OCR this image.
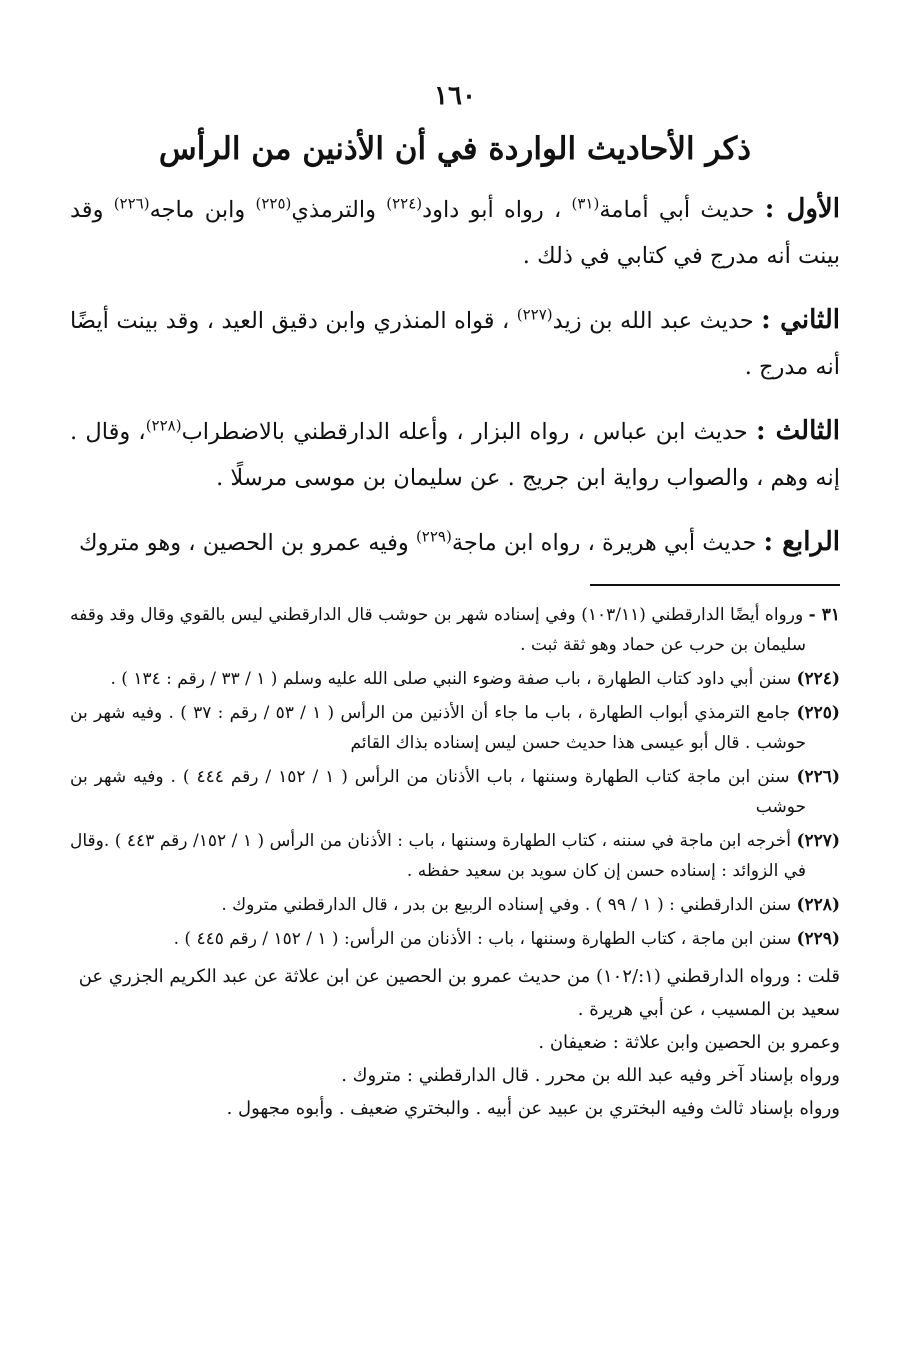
١٦٠
ذكر الأحاديث الواردة في أن الأذنين من الرأس

الأول : حديث أبي أمامة$^{(٣١)}$ ، رواه أبو داود$^{(٢٢٤)}$ والترمذي$^{(٢٢٥)}$ وابن ماجه$^{(٢٢٦)}$ وقد بينت أنه مدرج في كتابي في ذلك .

الثاني : حديث عبد الله بن زيد$^{(٢٢٧)}$ ، قواه المنذري وابن دقيق العيد ، وقد بينت أيضًا أنه مدرج .

الثالث : حديث ابن عباس ، رواه البزار ، وأعله الدارقطني بالاضطراب$^{(٢٢٨)}$، وقال . إنه وهم ، والصواب رواية ابن جريج . عن سليمان بن موسى مرسلًا .

الرابع : حديث أبي هريرة ، رواه ابن ماجة$^{(٢٢٩)}$ وفيه عمرو بن الحصين ، وهو متروك

٣١ - ورواه أيضًا الدارقطني (١٠٣/١١) وفي إسناده شهر بن حوشب قال الدارقطني ليس بالقوي وقال وقد وقفه سليمان بن حرب عن حماد وهو ثقة ثبت .

(٢٢٤) سنن أبي داود كتاب الطهارة ، باب صفة وضوء النبي صلى الله عليه وسلم ( ١ / ٣٣ / رقم : ١٣٤ ) .

(٢٢٥) جامع الترمذي أبواب الطهارة ، باب ما جاء أن الأذنين من الرأس ( ١ / ٥٣ / رقم : ٣٧ ) . وفيه شهر بن حوشب . قال أبو عيسى هذا حديث حسن ليس إسناده بذاك القائم

(٢٢٦) سنن ابن ماجة كتاب الطهارة وسننها ، باب الأذنان من الرأس ( ١ / ١٥٢ / رقم ٤٤٤ ) . وفيه شهر بن حوشب

(٢٢٧) أخرجه ابن ماجة في سننه ، كتاب الطهارة وسننها ، باب : الأذنان من الرأس ( ١ / ١٥٢/ رقم ٤٤٣ ) .وقال في الزوائد : إسناده حسن إن كان سويد بن سعيد حفظه .

(٢٢٨) سنن الدارقطني : ( ١ / ٩٩ ) . وفي إسناده الربيع بن بدر ، قال الدارقطني متروك .

(٢٢٩) سنن ابن ماجة ، كتاب الطهارة وسننها ، باب : الأذنان من الرأس: ( ١ / ١٥٢ / رقم ٤٤٥ ) .

قلت : ورواه الدارقطني (١:/١٠٢) من حديث عمرو بن الحصين عن ابن علاثة عن عبد الكريم الجزري عن سعيد بن المسيب ، عن أبي هريرة .

وعمرو بن الحصين وابن علاثة : ضعيفان .

ورواه بإسناد آخر وفيه عبد الله بن محرر . قال الدارقطني : متروك .

ورواه بإسناد ثالث وفيه البختري بن عبيد عن أبيه . والبختري ضعيف . وأبوه مجهول .
